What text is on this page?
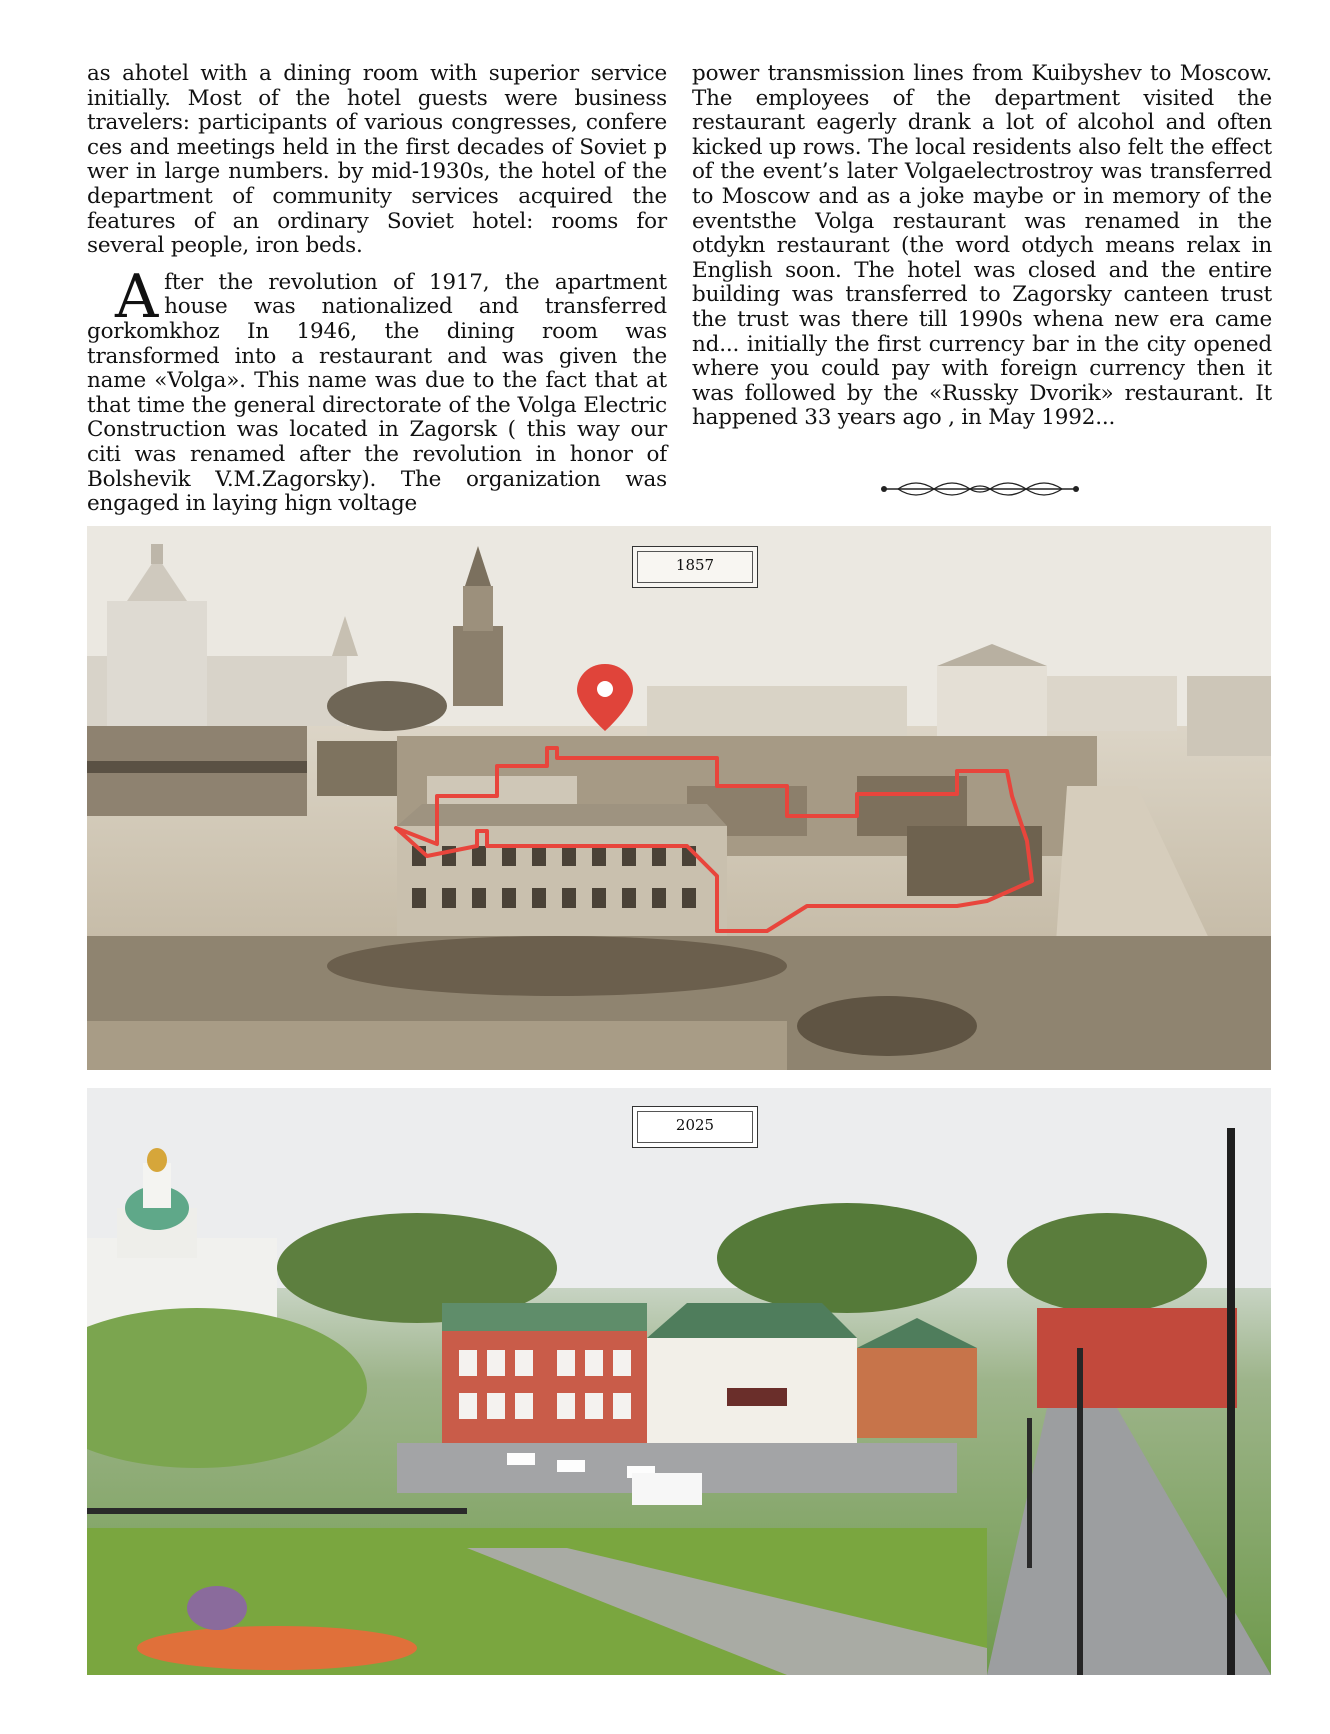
as ahotel with a dining room with superior service initially. Most of the hotel guests were business travelers: participants of various congresses, confere ces and meetings held in the first decades of Soviet p wer in large numbers. by mid-1930s, the hotel of the department of community services acquired the features of an ordinary Soviet hotel: rooms for several people, iron beds.

After the revolution of 1917, the apartment house was nationalized and transferred gorkomkhoz In 1946, the dining room was transformed into a restaurant and was given the name «Volga». This name was due to the fact that at that time the general directorate of the Volga Electric Construction was located in Zagorsk ( this way our citi was renamed after the revolution in honor of Bolshevik V.M.Zagorsky). The organization was engaged in laying hign voltage

power transmission lines from Kuibyshev to Moscow. The employees of the department visited the restaurant eagerly drank a lot of alcohol and often kicked up rows. The local residents also felt the effect of the event’s later Volgaelectrostroy was transferred to Moscow and as a joke maybe or in memory of the eventsthe Volga restaurant was renamed in the otdykn restaurant (the word otdych means relax in English soon. The hotel was closed and the entire building was transferred to Zagorsky canteen trust the trust was there till 1990s whena new era came nd... initially the first currency bar in the city opened where you could pay with foreign currency then it was followed by the «Russky Dvorik» restaurant. It happened 33 years ago , in May 1992...

1857
2025
